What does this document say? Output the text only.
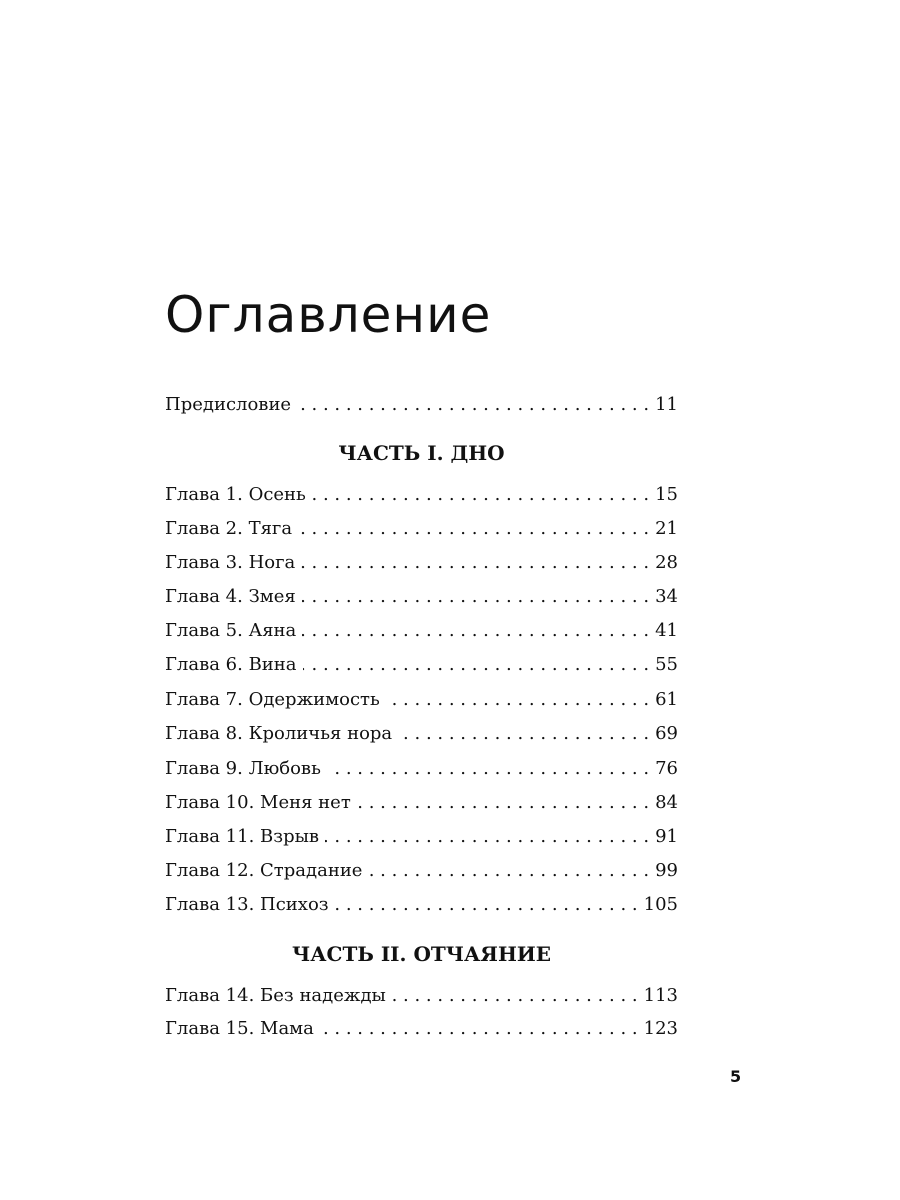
Оглавление
Предисловие . . .	11
ЧАСТЬ I. ДНО
Глава 1. Осень . . .	15
Глава 2. Тяга . . .	21
Глава 3. Нога . . .	28
Глава 4. Змея . . .	34
Глава 5. Аяна . . .	41
Глава 6. Вина . . .	55
Глава 7. Одержимость . . .	61
Глава 8. Кроличья нора . . .	69
Глава 9. Любовь . . .	76
Глава 10. Меня нет . . .	84
Глава 11. Взрыв . . .	91
Глава 12. Страдание . . .	99
Глава 13. Психоз . . .	105
ЧАСТЬ II. ОТЧАЯНИЕ
Глава 14. Без надежды . . .	113
Глава 15. Мама . . .	123
5
